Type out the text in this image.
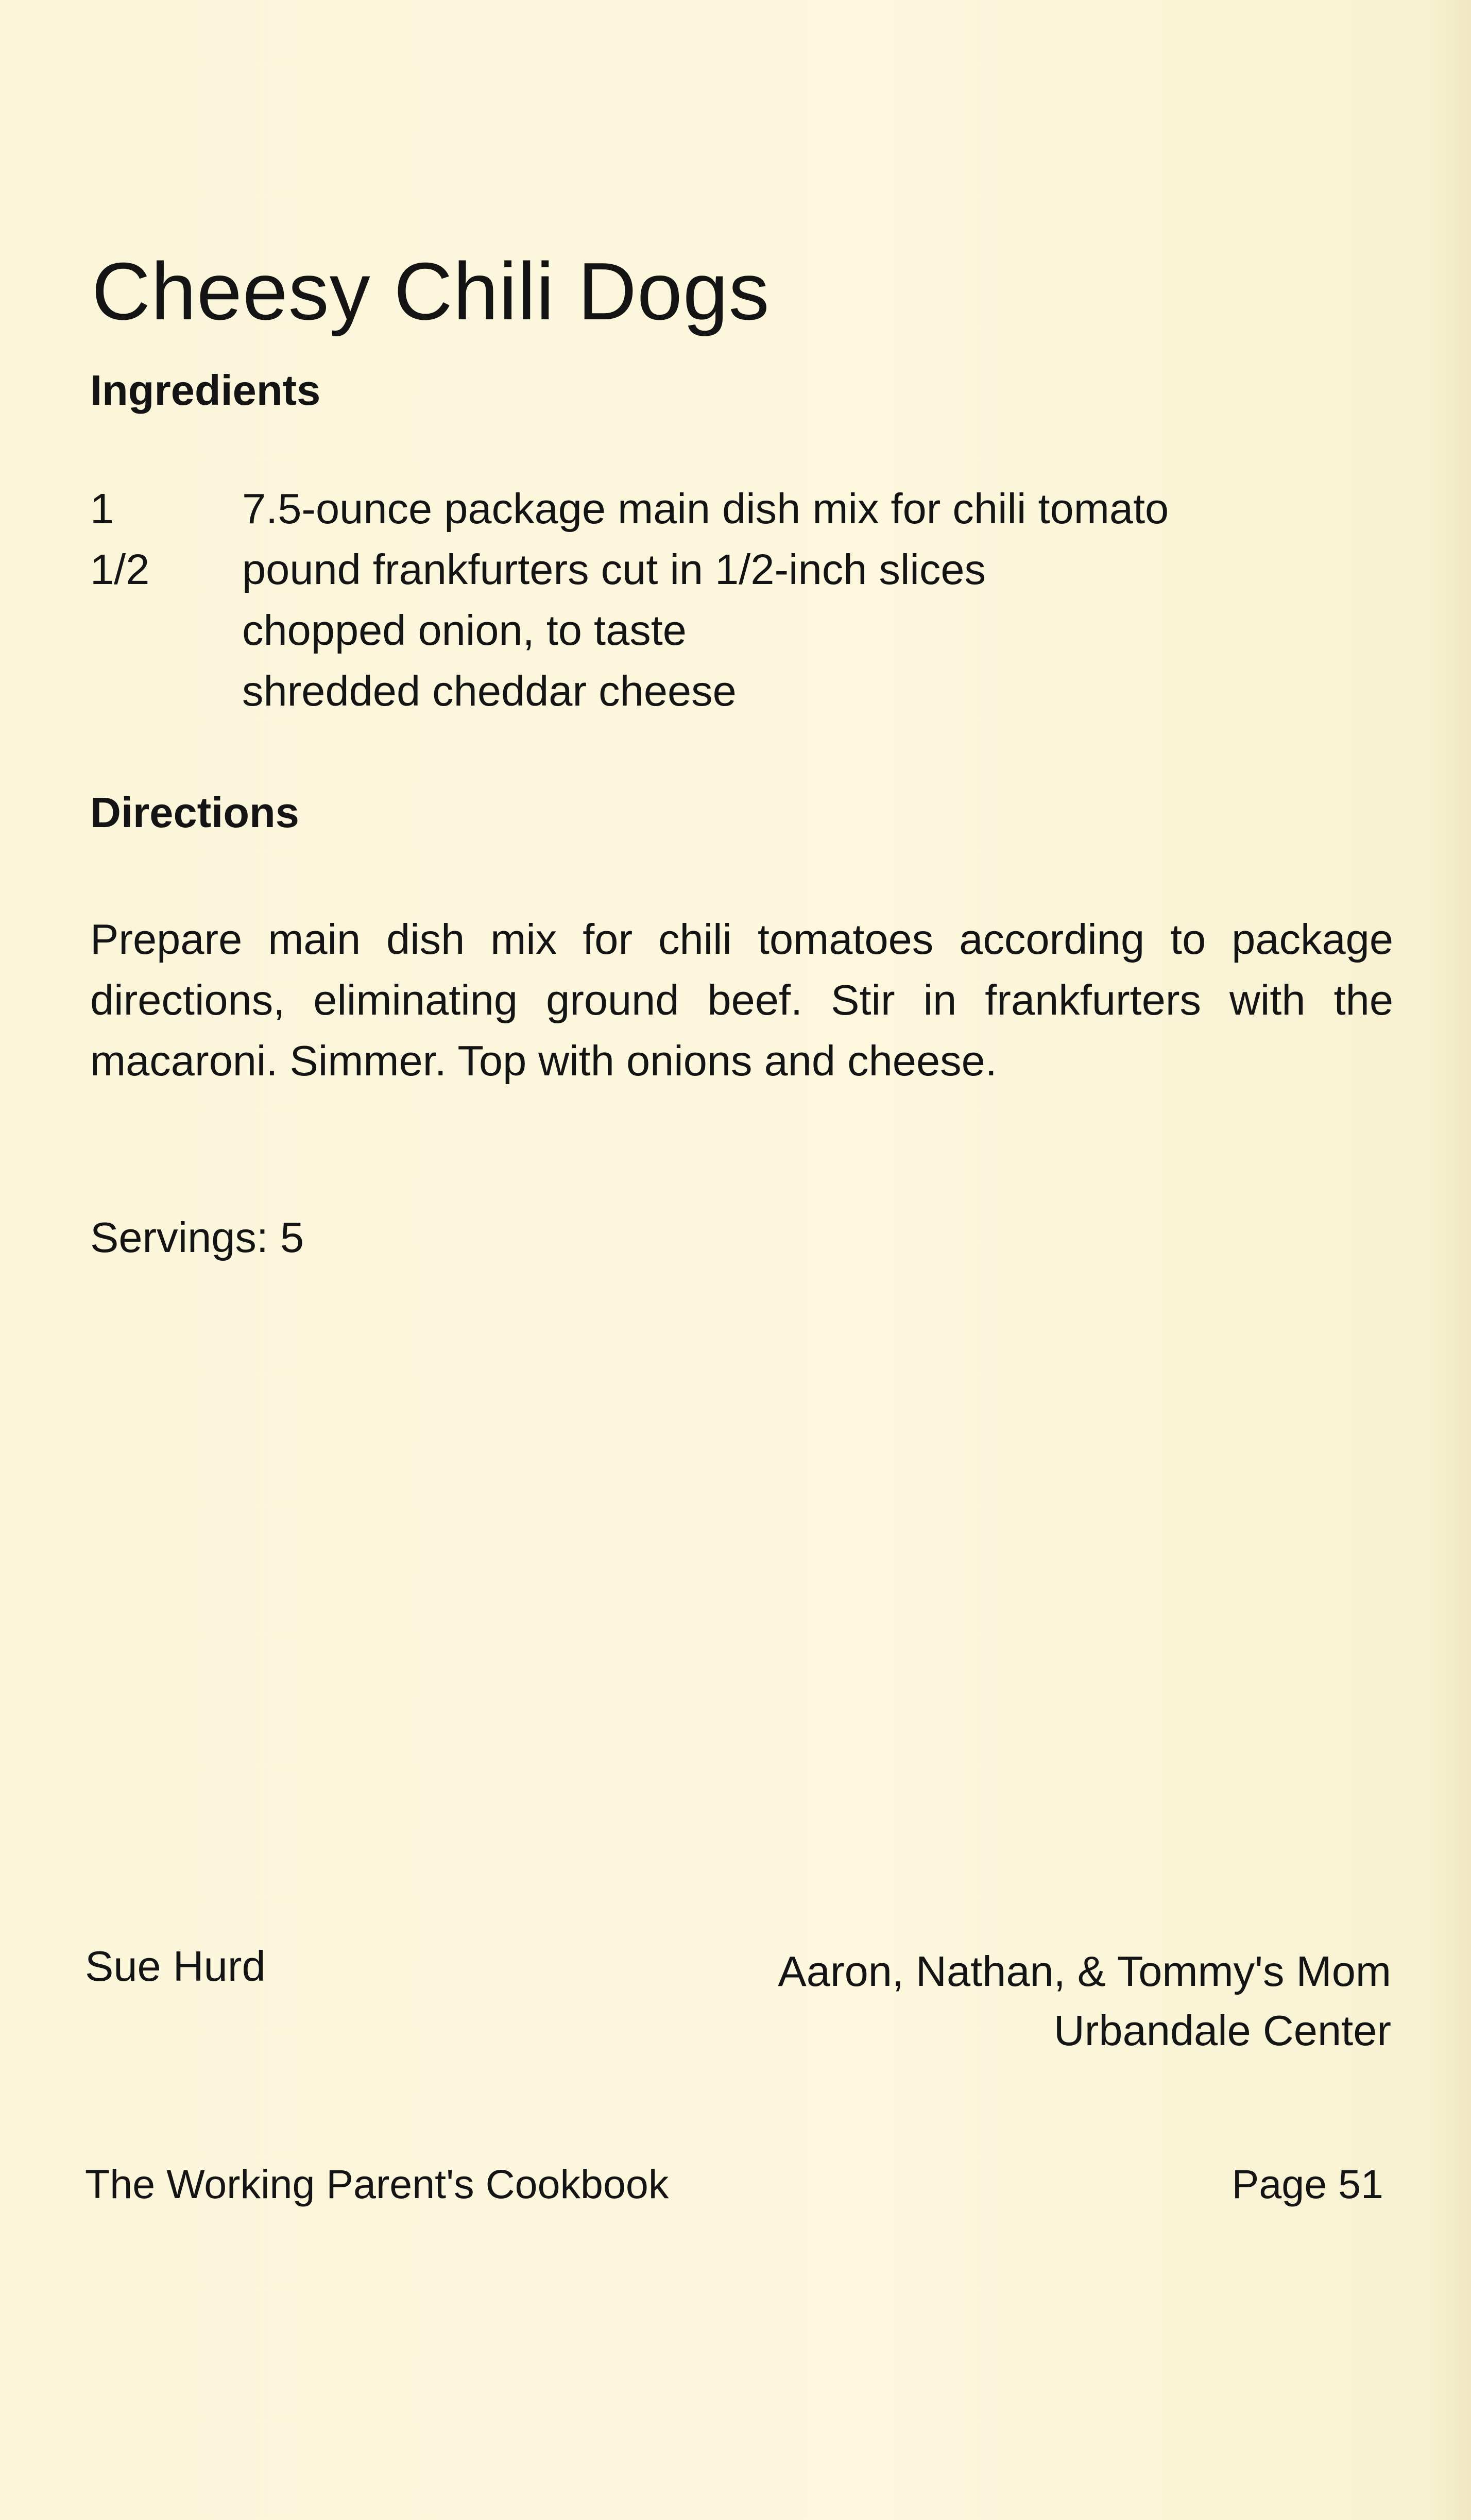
Cheesy Chili Dogs
Ingredients
1	7.5-ounce package main dish mix for chili tomato
1/2 pound frankfurters cut in 1/2-inch slices
chopped onion, to taste
shredded cheddar cheese
Directions

Prepare main dish mix for chili tomatoes according to package directions, eliminating ground beef. Stir in frankfurters with the macaroni. Simmer. Top with onions and cheese.

Servings: 5
Sue Hurd	Aaron, Nathan, & Tommy's Mom
Urbandale Center
The Working Parent's Cookbook	Page 51
